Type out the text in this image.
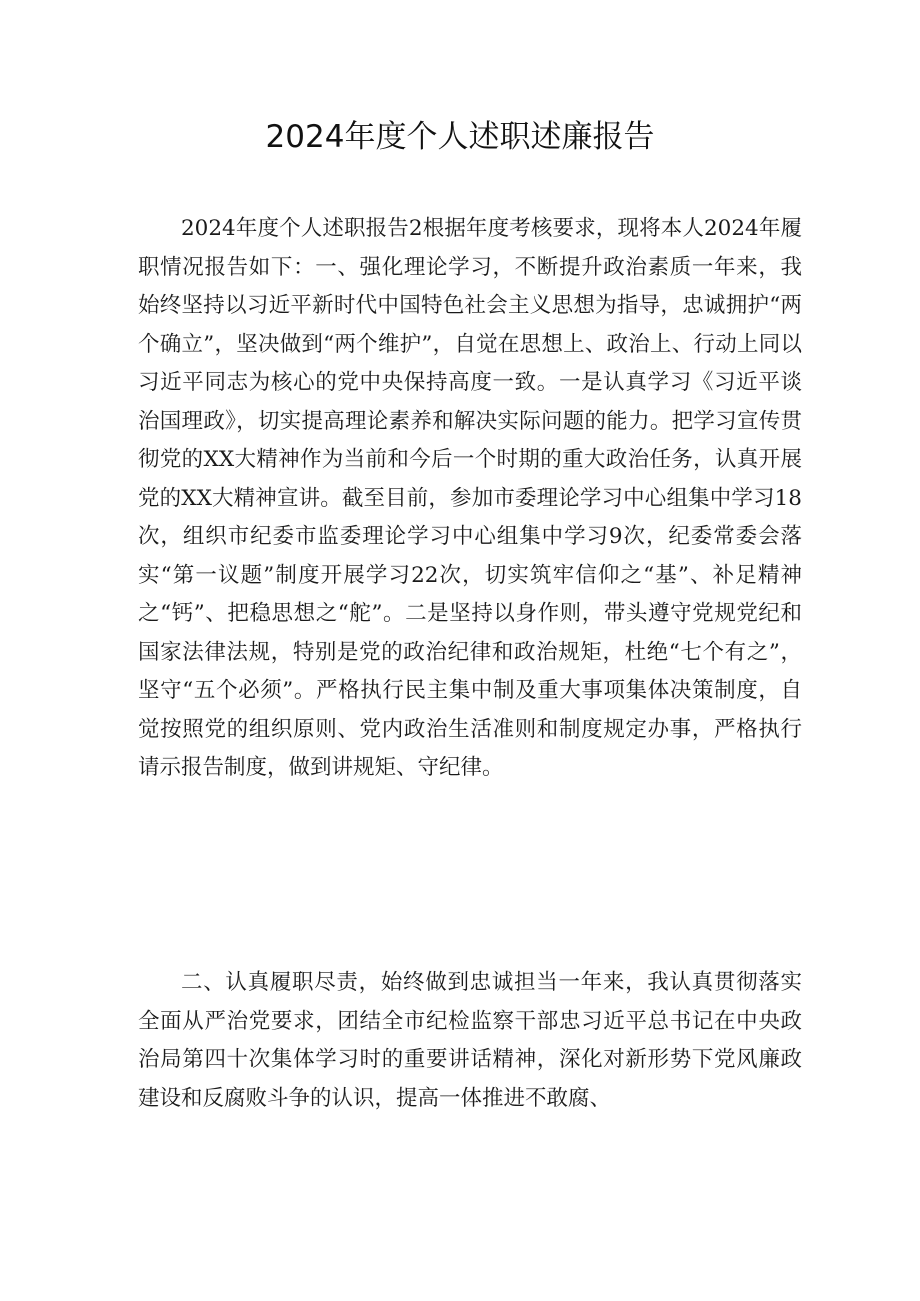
2024年度个人述职述廉报告

2024年度个人述职报告2根据年度考核要求，现将本人2024年履职情况报告如下：一、强化理论学习，不断提升政治素质一年来，我始终坚持以习近平新时代中国特色社会主义思想为指导，忠诚拥护“两个确立”，坚决做到“两个维护”，自觉在思想上、政治上、行动上同以习近平同志为核心的党中央保持高度一致。一是认真学习《习近平谈治国理政》，切实提高理论素养和解决实际问题的能力。把学习宣传贯彻党的XX大精神作为当前和今后一个时期的重大政治任务，认真开展党的XX大精神宣讲。截至目前，参加市委理论学习中心组集中学习18次，组织市纪委市监委理论学习中心组集中学习9次，纪委常委会落实“第一议题”制度开展学习22次，切实筑牢信仰之“基”、补足精神之“钙”、把稳思想之“舵”。二是坚持以身作则，带头遵守党规党纪和国家法律法规，特别是党的政治纪律和政治规矩，杜绝“七个有之”，坚守“五个必须”。严格执行民主集中制及重大事项集体决策制度，自觉按照党的组织原则、党内政治生活准则和制度规定办事，严格执行请示报告制度，做到讲规矩、守纪律。

二、认真履职尽责，始终做到忠诚担当一年来，我认真贯彻落实全面从严治党要求，团结全市纪检监察干部忠习近平总书记在中央政治局第四十次集体学习时的重要讲话精神，深化对新形势下党风廉政建设和反腐败斗争的认识，提高一体推进不敢腐、
